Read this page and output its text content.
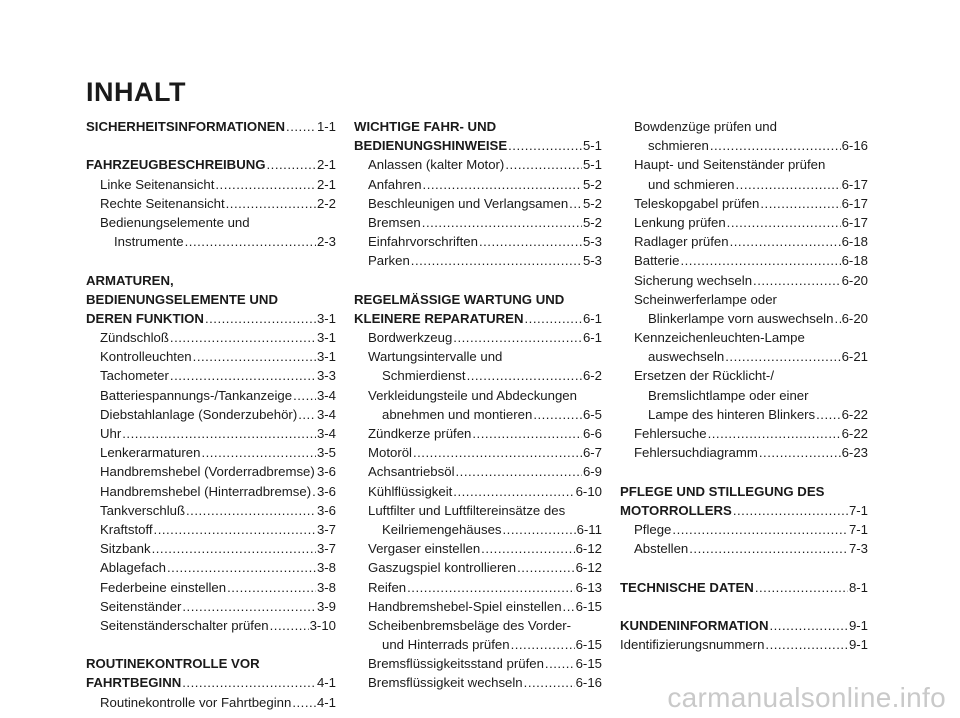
INHALT
SICHERHEITSINFORMATIONEN ..... 1-1
FAHRZEUGBESCHREIBUNG .....	2-1
Linke Seitenansicht .....	2-1
Rechte Seitenansicht .....	2-2
Bedienungselemente und
Instrumente .....	2-3
ARMATUREN,
BEDIENUNGSELEMENTE UND
DEREN FUNKTION .....	3-1
Zündschloß .....	3-1
Kontrolleuchten .....	3-1
Tachometer .....	3-3
Batteriespannungs-/Tankanzeige ..... 3-4
Diebstahlanlage (Sonderzubehör) ..... 3-4
Uhr .....	3-4
Lenkerarmaturen .....	3-5
Handbremshebel (Vorderradbremse) ..... 3-6
Handbremshebel (Hinterradbremse) ..... 3-6
Tankverschluß .....	3-6
Kraftstoff .....	3-7
Sitzbank .....	3-7
Ablagefach .....	3-8
Federbeine einstellen .....	3-8
Seitenständer .....	3-9
Seitenständerschalter prüfen .....	3-10
ROUTINEKONTROLLE VOR
FAHRTBEGINN .....	4-1
Routinekontrolle vor Fahrtbeginn ..... 4-1
WICHTIGE FAHR- UND
BEDIENUNGSHINWEISE .....	5-1
Anlassen (kalter Motor) .....	5-1
Anfahren .....	5-2
Beschleunigen und Verlangsamen ..... 5-2
Bremsen .....	5-2
Einfahrvorschriften .....	5-3
Parken .....	5-3
REGELMÄSSIGE WARTUNG UND
KLEINERE REPARATUREN .....	6-1
Bordwerkzeug .....	6-1
Wartungsintervalle und
Schmierdienst .....	6-2
Verkleidungsteile und Abdeckungen
abnehmen und montieren .....	6-5
Zündkerze prüfen .....	6-6
Motoröl .....	6-7
Achsantriebsöl .....	6-9
Kühlflüssigkeit .....	6-10
Luftfilter und Luftfiltereinsätze des
Keilriemengehäuses .....	6-11
Vergaser einstellen .....	6-12
Gaszugspiel kontrollieren .....	6-12
Reifen .....	6-13
Handbremshebel-Spiel einstellen ..... 6-15
Scheibenbremsbeläge des Vorder-
und Hinterrads prüfen .....	6-15
Bremsflüssigkeitsstand prüfen ..... 6-15
Bremsflüssigkeit wechseln .....	6-16
Bowdenzüge prüfen und
schmieren .....	6-16
Haupt- und Seitenständer prüfen
und schmieren .....	6-17
Teleskopgabel prüfen .....	6-17
Lenkung prüfen .....	6-17
Radlager prüfen .....	6-18
Batterie .....	6-18
Sicherung wechseln .....	6-20
Scheinwerferlampe oder
Blinkerlampe vorn auswechseln ..... 6-20
Kennzeichenleuchten-Lampe
auswechseln .....	6-21
Ersetzen der Rücklicht-/
Bremslichtlampe oder einer
Lampe des hinteren Blinkers ..... 6-22
Fehlersuche .....	6-22
Fehlersuchdiagramm .....	6-23
PFLEGE UND STILLEGUNG DES
MOTORROLLERS .....	7-1
Pflege .....	7-1
Abstellen .....	7-3
TECHNISCHE DATEN .....	8-1
KUNDENINFORMATION .....	9-1
Identifizierungsnummern .....	9-1
carmanualsonline.info
